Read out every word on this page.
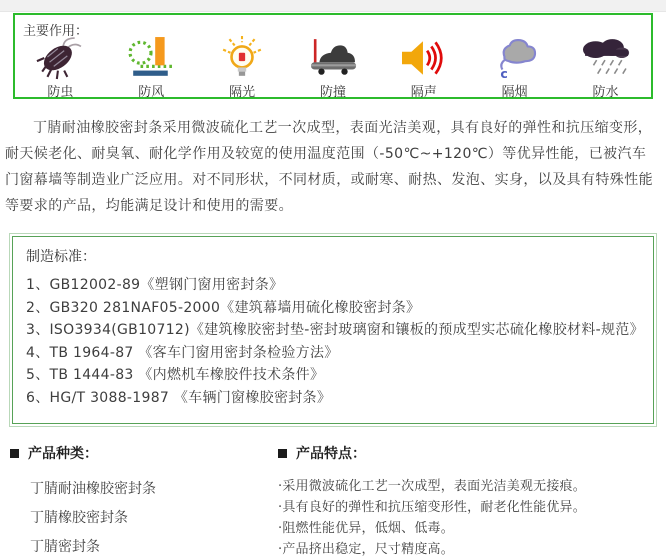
主要作用：
防虫	防风	隔光	防撞	隔声
c
隔烟	防水

丁腈耐油橡胶密封条采用微波硫化工艺一次成型，表面光洁美观，具有良好的弹性和抗压缩变形，耐天候老化、耐臭氧、耐化学作用及较宽的使用温度范围（-50℃~+120℃）等优异性能，已被汽车门窗幕墙等制造业广泛应用。对不同形状，不同材质，或耐寒、耐热、发泡、实身，以及具有特殊性能等要求的产品，均能满足设计和使用的需要。

制造标准：
1、GB12002-89《塑钢门窗用密封条》
2、GB320 281NAF05-2000《建筑幕墙用硫化橡胶密封条》
3、ISO3934(GB10712)《建筑橡胶密封垫-密封玻璃窗和镶板的预成型实芯硫化橡胶材料-规范》
4、TB 1964-87 《客车门窗用密封条检验方法》
5、TB 1444-83 《内燃机车橡胶件技术条件》
6、HG/T 3088-1987 《车辆门窗橡胶密封条》
产品种类：
丁腈耐油橡胶密封条
丁腈橡胶密封条
丁腈密封条
产品特点：
·采用微波硫化工艺一次成型，表面光洁美观无接痕。
·具有良好的弹性和抗压缩变形性，耐老化性能优异。
·阻燃性能优异，低烟、低毒。
·产品挤出稳定，尺寸精度高。
